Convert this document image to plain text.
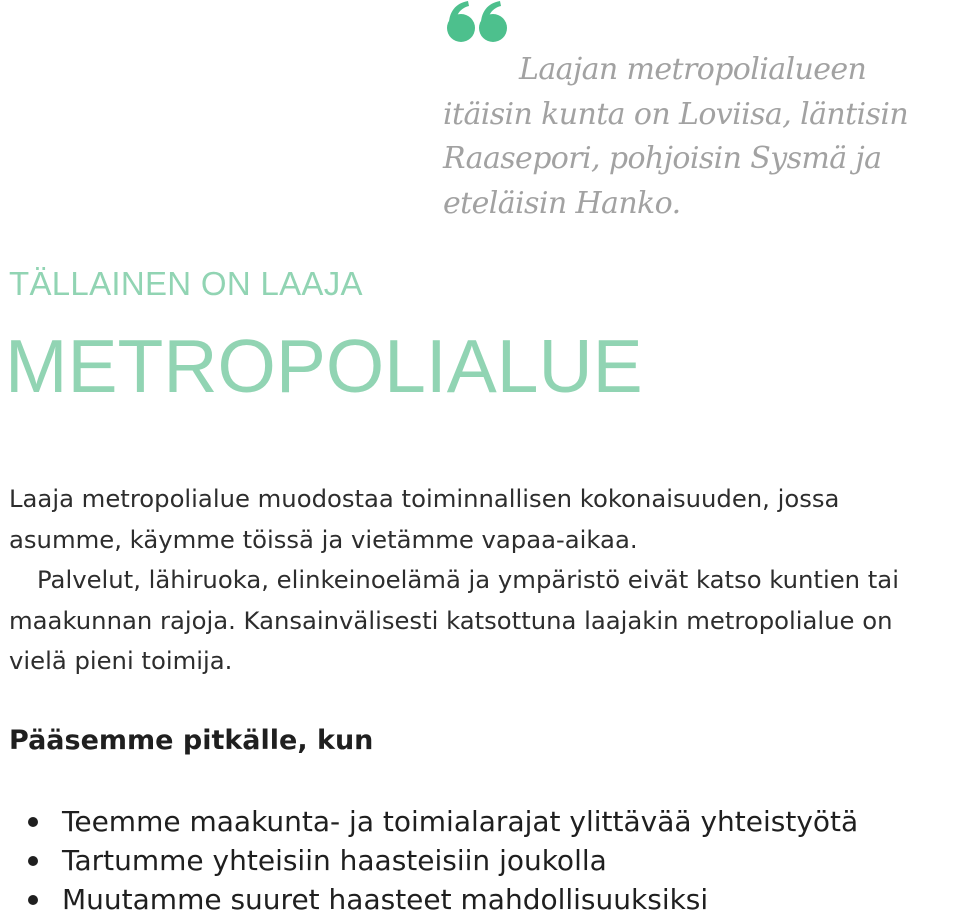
Laajan metropolialueen itäisin kunta on Loviisa, läntisin Raasepori, pohjoisin Sysmä ja eteläisin Hanko.

TÄLLAINEN ON LAAJA
METROPOLIALUE
Laaja metropolialue muodostaa toiminnallisen kokonaisuuden, jossa asumme, käymme töissä ja vietämme vapaa-aikaa.
Palvelut, lähiruoka, elinkeinoelämä ja ympäristö eivät katso kuntien tai maakunnan rajoja. Kansainvälisesti katsottuna laajakin metropolialue on vielä pieni toimija.
Pääsemme pitkälle, kun
Teemme maakunta- ja toimialarajat ylittävää yhteistyötä
Tartumme yhteisiin haasteisiin joukolla
Muutamme suuret haasteet mahdollisuuksiksi
